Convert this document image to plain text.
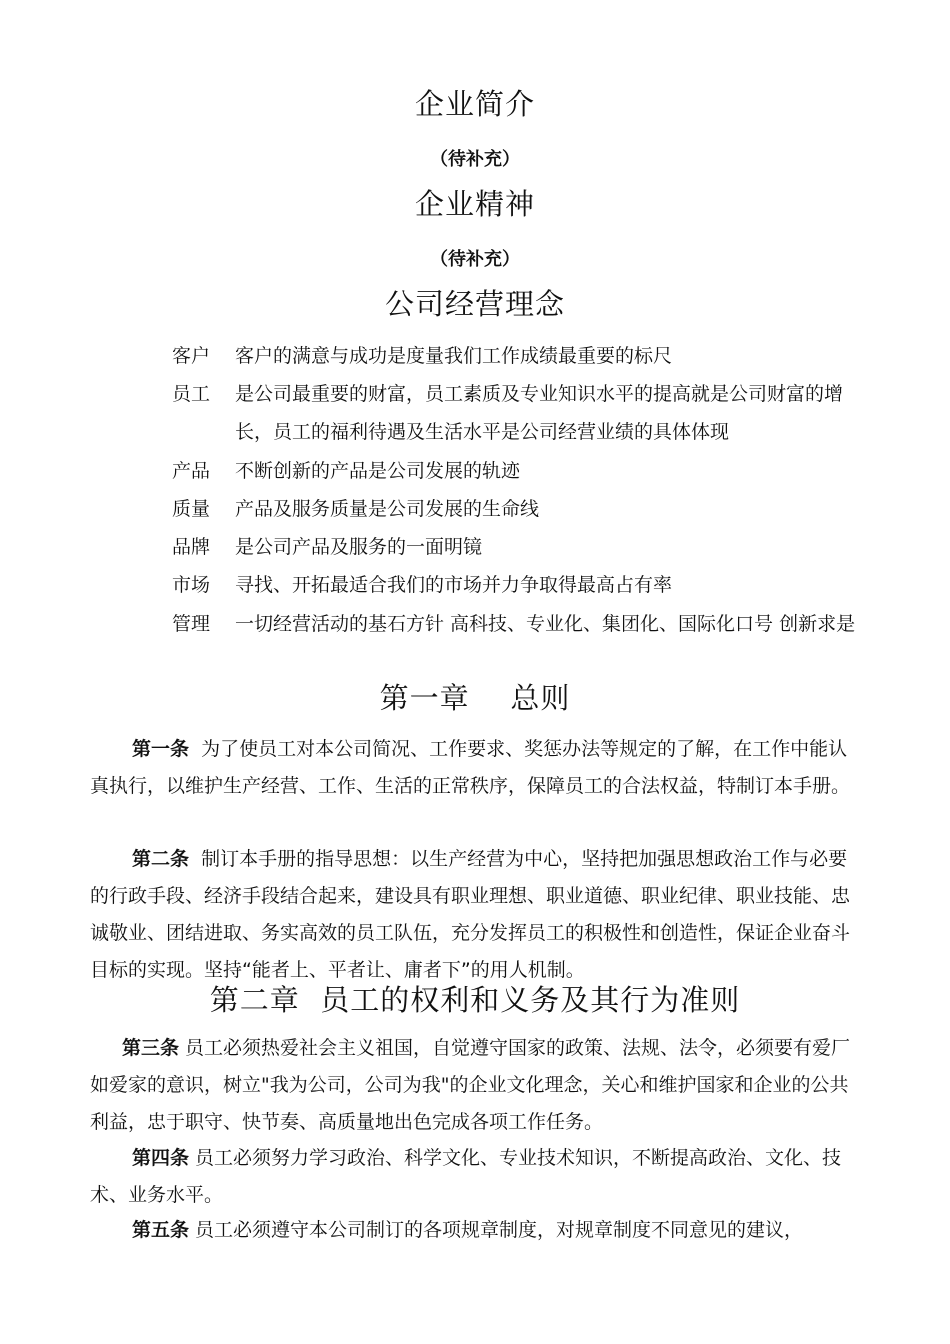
企业简介
（待补充）
企业精神
（待补充）
公司经营理念
客户	客户的满意与成功是度量我们工作成绩最重要的标尺
员工	是公司最重要的财富，员工素质及专业知识水平的提高就是公司财富的增长，员工的福利待遇及生活水平是公司经营业绩的具体体现
产品	不断创新的产品是公司发展的轨迹
质量	产品及服务质量是公司发展的生命线
品牌	是公司产品及服务的一面明镜
市场	寻找、开拓最适合我们的市场并力争取得最高占有率
管理	一切经营活动的基石方针 高科技、专业化、集团化、国际化口号 创新求是
第一章    总则
第一条  为了使员工对本公司简况、工作要求、奖惩办法等规定的了解，在工作中能认真执行，以维护生产经营、工作、生活的正常秩序，保障员工的合法权益，特制订本手册。
第二条  制订本手册的指导思想：以生产经营为中心，坚持把加强思想政治工作与必要的行政手段、经济手段结合起来，建设具有职业理想、职业道德、职业纪律、职业技能、忠诚敬业、团结进取、务实高效的员工队伍，充分发挥员工的积极性和创造性，保证企业奋斗目标的实现。坚持“能者上、平者让、庸者下”的用人机制。
第二章  员工的权利和义务及其行为准则
第三条 员工必须热爱社会主义祖国，自觉遵守国家的政策、法规、法令，必须要有爱厂如爱家的意识，树立"我为公司，公司为我"的企业文化理念，关心和维护国家和企业的公共利益，忠于职守、快节奏、高质量地出色完成各项工作任务。
第四条 员工必须努力学习政治、科学文化、专业技术知识，不断提高政治、文化、技术、业务水平。
第五条 员工必须遵守本公司制订的各项规章制度，对规章制度不同意见的建议，
